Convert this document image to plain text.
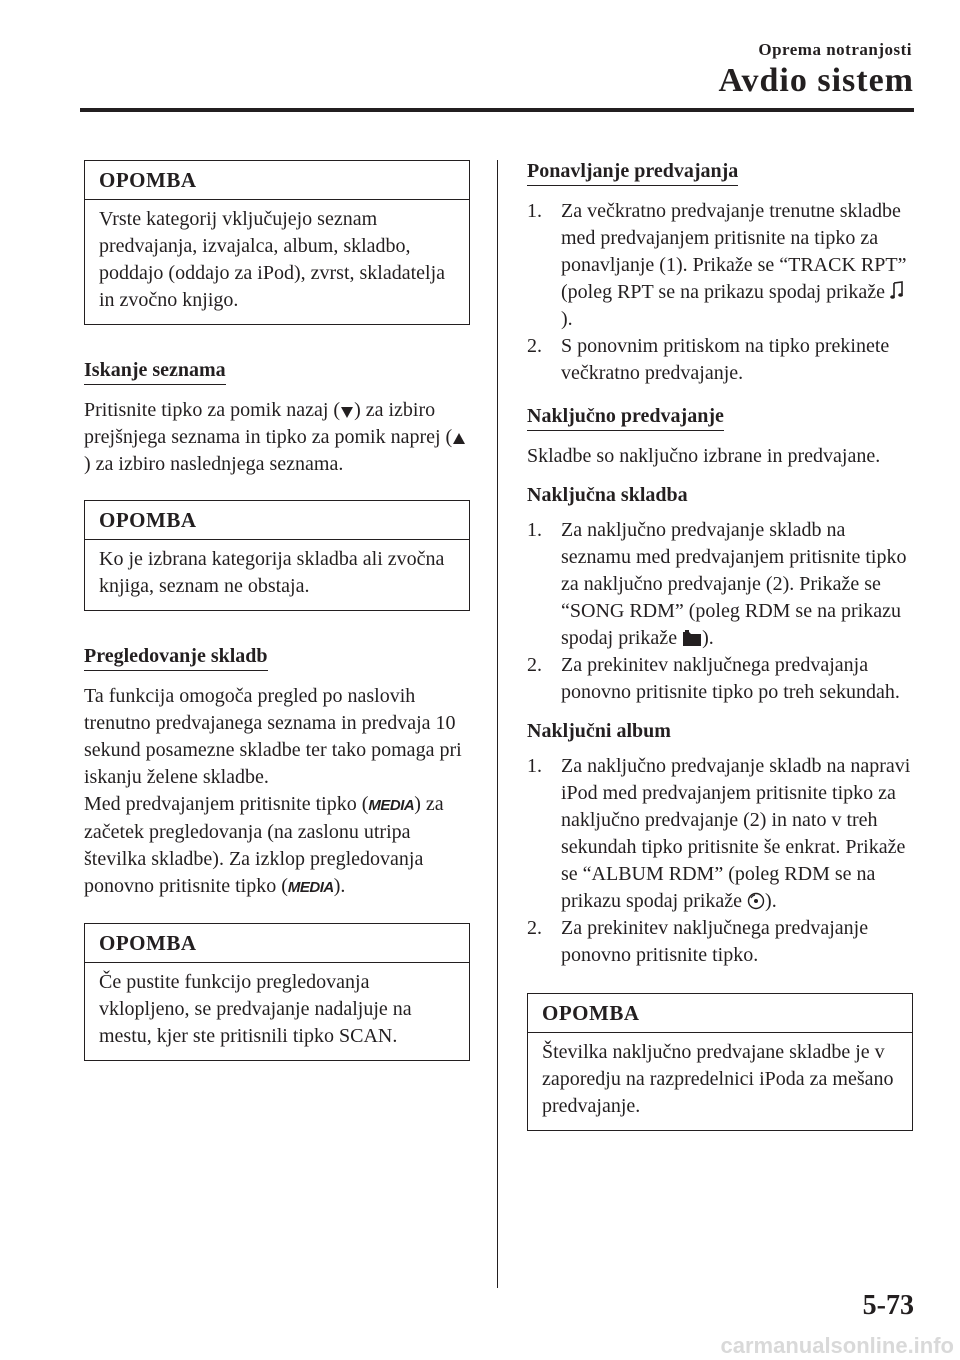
Oprema notranjosti
Avdio sistem
OPOMBA
Vrste kategorij vključujejo seznam predvajanja, izvajalca, album, skladbo, poddajo (oddajo za iPod), zvrst, skladatelja in zvočno knjigo.
Iskanje seznama

Pritisnite tipko za pomik nazaj ( ) za izbiro prejšnjega seznama in tipko za pomik naprej () za izbiro naslednjega seznama.

OPOMBA
Ko je izbrana kategorija skladba ali zvočna knjiga, seznam ne obstaja.
Pregledovanje skladb

Ta funkcija omogoča pregled po naslovih trenutno predvajanega seznama in predvaja 10 sekund posamezne skladbe ter tako pomaga pri iskanju želene skladbe.

Med predvajanjem pritisnite tipko (MEDIA) za začetek pregledovanja (na zaslonu utripa številka skladbe). Za izklop pregledovanja ponovno pritisnite tipko (MEDIA).

OPOMBA
Če pustite funkcijo pregledovanja vklopljeno, se predvajanje nadaljuje na mestu, kjer ste pritisnili tipko SCAN.
Ponavljanje predvajanja
1. Za večkratno predvajanje trenutne skladbe med predvajanjem pritisnite na tipko za ponavljanje (1). Prikaže se “TRACK RPT” (poleg RPT se na prikazu spodaj prikaže ).
2. S ponovnim pritiskom na tipko prekinete večkratno predvajanje.
Naključno predvajanje

Skladbe so naključno izbrane in predvajane.

Naključna skladba
1. Za naključno predvajanje skladb na seznamu med predvajanjem pritisnite tipko za naključno predvajanje (2). Prikaže se “SONG RDM” (poleg RDM se na prikazu spodaj prikaže ).
2. Za prekinitev naključnega predvajanja ponovno pritisnite tipko po treh sekundah.
Naključni album
1. Za naključno predvajanje skladb na napravi iPod med predvajanjem pritisnite tipko za naključno predvajanje (2) in nato v treh sekundah tipko pritisnite še enkrat. Prikaže se “ALBUM RDM” (poleg RDM se na prikazu spodaj prikaže ).
2. Za prekinitev naključnega predvajanje ponovno pritisnite tipko.
OPOMBA
Številka naključno predvajane skladbe je v zaporedju na razpredelnici iPoda za mešano predvajanje.
5-73
carmanualsonline.info
